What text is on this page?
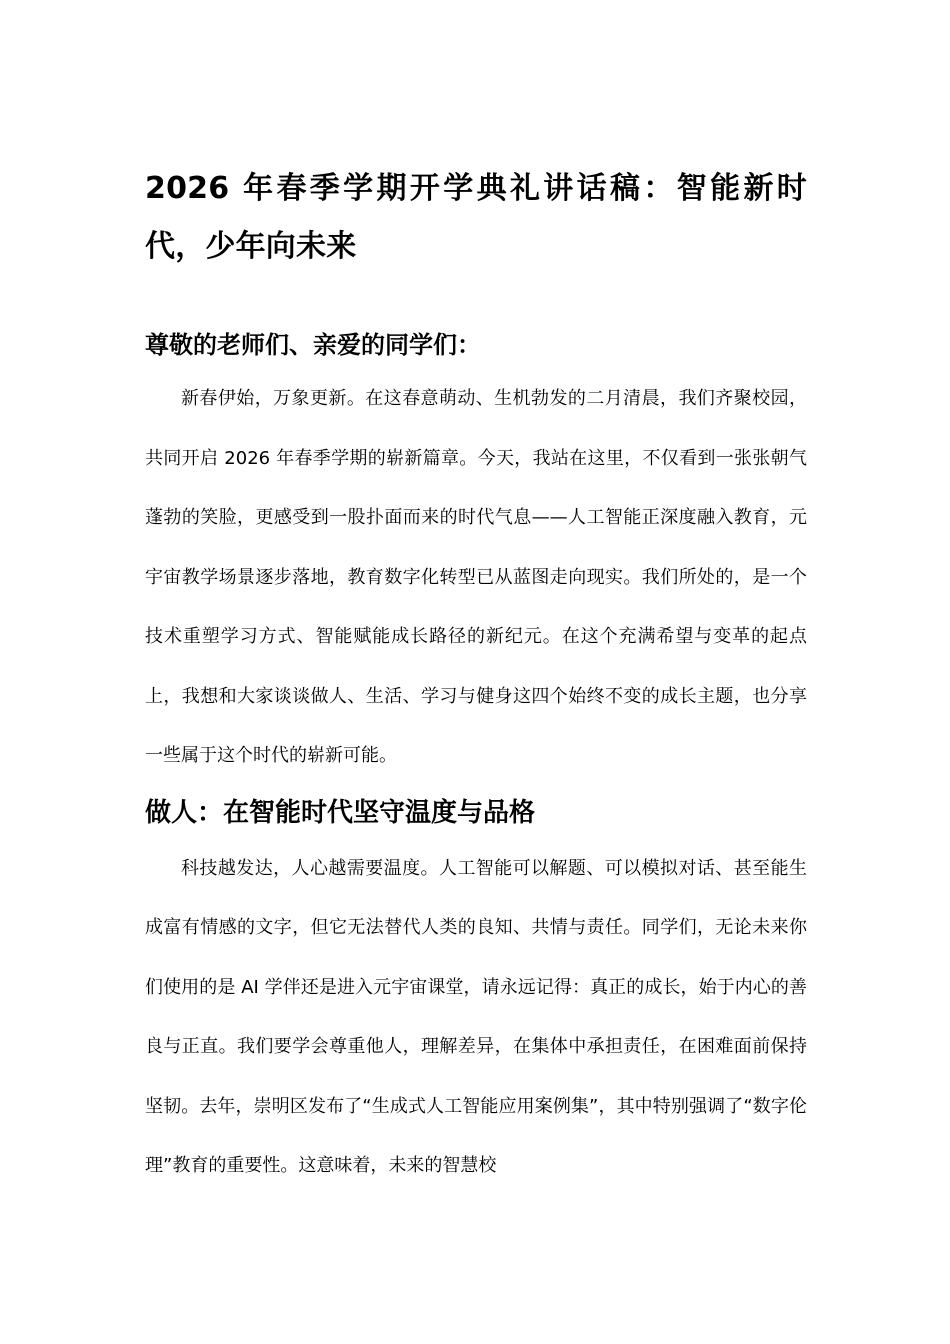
2026 年春季学期开学典礼讲话稿：智能新时代，少年向未来
尊敬的老师们、亲爱的同学们：

新春伊始，万象更新。在这春意萌动、生机勃发的二月清晨，我们齐聚校园，共同开启 2026 年春季学期的崭新篇章。今天，我站在这里，不仅看到一张张朝气蓬勃的笑脸，更感受到一股扑面而来的时代气息——人工智能正深度融入教育，元宇宙教学场景逐步落地，教育数字化转型已从蓝图走向现实。我们所处的，是一个技术重塑学习方式、智能赋能成长路径的新纪元。在这个充满希望与变革的起点上，我想和大家谈谈做人、生活、学习与健身这四个始终不变的成长主题，也分享一些属于这个时代的崭新可能。

做人：在智能时代坚守温度与品格

科技越发达，人心越需要温度。人工智能可以解题、可以模拟对话、甚至能生成富有情感的文字，但它无法替代人类的良知、共情与责任。同学们，无论未来你们使用的是 AI 学伴还是进入元宇宙课堂，请永远记得：真正的成长，始于内心的善良与正直。我们要学会尊重他人，理解差异，在集体中承担责任，在困难面前保持坚韧。去年，崇明区发布了“生成式人工智能应用案例集”，其中特别强调了“数字伦理”教育的重要性。这意味着，未来的智慧校
